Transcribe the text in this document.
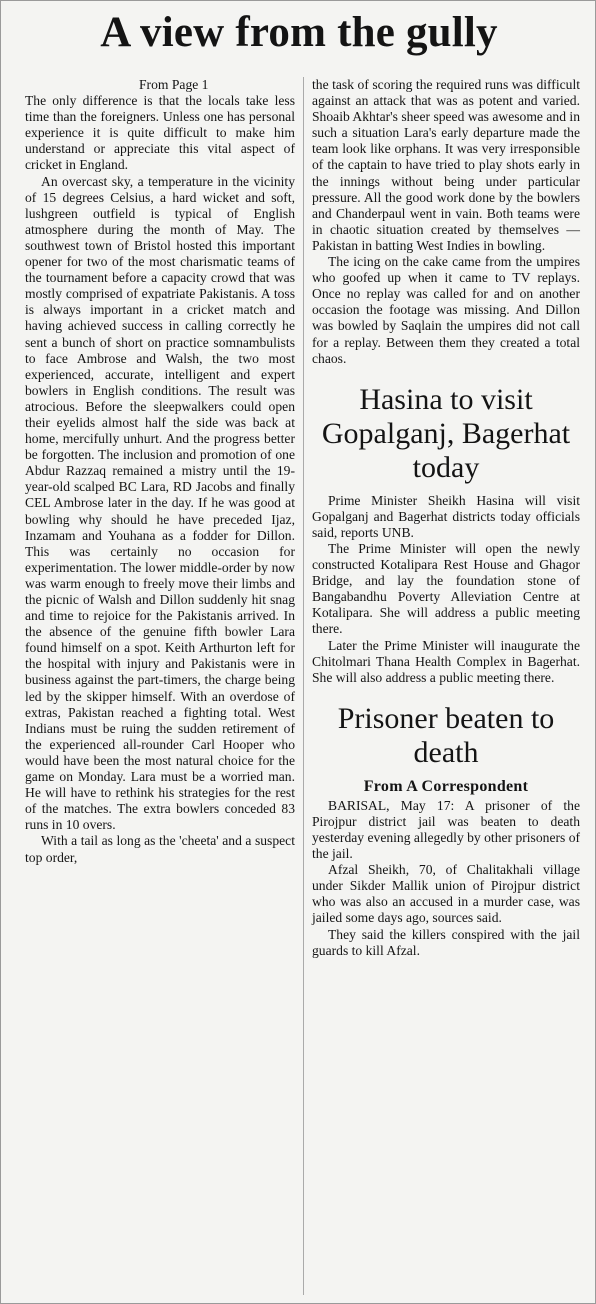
A view from the gully

From Page 1

The only difference is that the locals take less time than the foreigners. Unless one has personal experience it is quite difficult to make him understand or appreciate this vital aspect of cricket in England.

An overcast sky, a temperature in the vicinity of 15 degrees Celsius, a hard wicket and soft, lushgreen outfield is typical of English atmosphere during the month of May. The southwest town of Bristol hosted this important opener for two of the most charismatic teams of the tournament before a capacity crowd that was mostly comprised of expatriate Pakistanis. A toss is always important in a cricket match and having achieved success in calling correctly he sent a bunch of short on practice somnambulists to face Ambrose and Walsh, the two most experienced, accurate, intelligent and expert bowlers in English conditions. The result was atrocious. Before the sleepwalkers could open their eyelids almost half the side was back at home, mercifully unhurt. And the progress better be forgotten. The inclusion and promotion of one Abdur Razzaq remained a mistry until the 19-year-old scalped BC Lara, RD Jacobs and finally CEL Ambrose later in the day. If he was good at bowling why should he have preceded Ijaz, Inzamam and Youhana as a fodder for Dillon. This was certainly no occasion for experimentation. The lower middle-order by now was warm enough to freely move their limbs and the picnic of Walsh and Dillon suddenly hit snag and time to rejoice for the Pakistanis arrived. In the absence of the genuine fifth bowler Lara found himself on a spot. Keith Arthurton left for the hospital with injury and Pakistanis were in business against the part-timers, the charge being led by the skipper himself. With an overdose of extras, Pakistan reached a fighting total. West Indians must be ruing the sudden retirement of the experienced all-rounder Carl Hooper who would have been the most natural choice for the game on Monday. Lara must be a worried man. He will have to rethink his strategies for the rest of the matches. The extra bowlers conceded 83 runs in 10 overs.

With a tail as long as the 'cheeta' and a suspect top order,

the task of scoring the required runs was difficult against an attack that was as potent and varied. Shoaib Akhtar's sheer speed was awesome and in such a situation Lara's early departure made the team look like orphans. It was very irresponsible of the captain to have tried to play shots early in the innings without being under particular pressure. All the good work done by the bowlers and Chanderpaul went in vain. Both teams were in chaotic situation created by themselves — Pakistan in batting West Indies in bowling.

The icing on the cake came from the umpires who goofed up when it came to TV replays. Once no replay was called for and on another occasion the footage was missing. And Dillon was bowled by Saqlain the umpires did not call for a replay. Between them they created a total chaos.

Hasina to visit Gopalganj, Bagerhat today

Prime Minister Sheikh Hasina will visit Gopalganj and Bagerhat districts today officials said, reports UNB.

The Prime Minister will open the newly constructed Kotalipara Rest House and Ghagor Bridge, and lay the foundation stone of Bangabandhu Poverty Alleviation Centre at Kotalipara. She will address a public meeting there.

Later the Prime Minister will inaugurate the Chitolmari Thana Health Complex in Bagerhat. She will also address a public meeting there.

Prisoner beaten to death
From A Correspondent

BARISAL, May 17: A prisoner of the Pirojpur district jail was beaten to death yesterday evening allegedly by other prisoners of the jail.

Afzal Sheikh, 70, of Chalitakhali village under Sikder Mallik union of Pirojpur district who was also an accused in a murder case, was jailed some days ago, sources said.

They said the killers conspired with the jail guards to kill Afzal.
